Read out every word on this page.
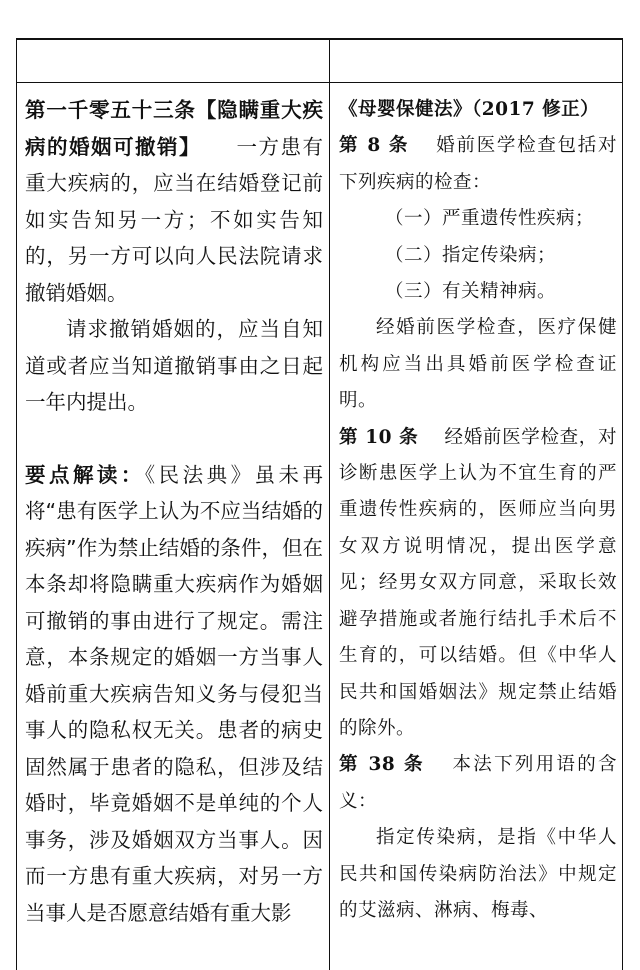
第一千零五十三条【隐瞒重大疾病的婚姻可撤销】 一方患有重大疾病的，应当在结婚登记前如实告知另一方；不如实告知的，另一方可以向人民法院请求撤销婚姻。

请求撤销婚姻的，应当自知道或者应当知道撤销事由之日起一年内提出。

要点解读：《民法典》虽未再将“患有医学上认为不应当结婚的疾病”作为禁止结婚的条件，但在本条却将隐瞒重大疾病作为婚姻可撤销的事由进行了规定。需注意，本条规定的婚姻一方当事人婚前重大疾病告知义务与侵犯当事人的隐私权无关。患者的病史固然属于患者的隐私，但涉及结婚时，毕竟婚姻不是单纯的个人事务，涉及婚姻双方当事人。因而一方患有重大疾病，对另一方当事人是否愿意结婚有重大影

《母婴保健法》（2017 修正）

第 8 条 婚前医学检查包括对下列疾病的检查：

（一）严重遗传性疾病；

（二）指定传染病；

（三）有关精神病。

经婚前医学检查，医疗保健机构应当出具婚前医学检查证明。

第 10 条 经婚前医学检查，对诊断患医学上认为不宜生育的严重遗传性疾病的，医师应当向男女双方说明情况，提出医学意见；经男女双方同意，采取长效避孕措施或者施行结扎手术后不生育的，可以结婚。但《中华人民共和国婚姻法》规定禁止结婚的除外。

第 38 条 本法下列用语的含义：

指定传染病，是指《中华人民共和国传染病防治法》中规定的艾滋病、淋病、梅毒、
